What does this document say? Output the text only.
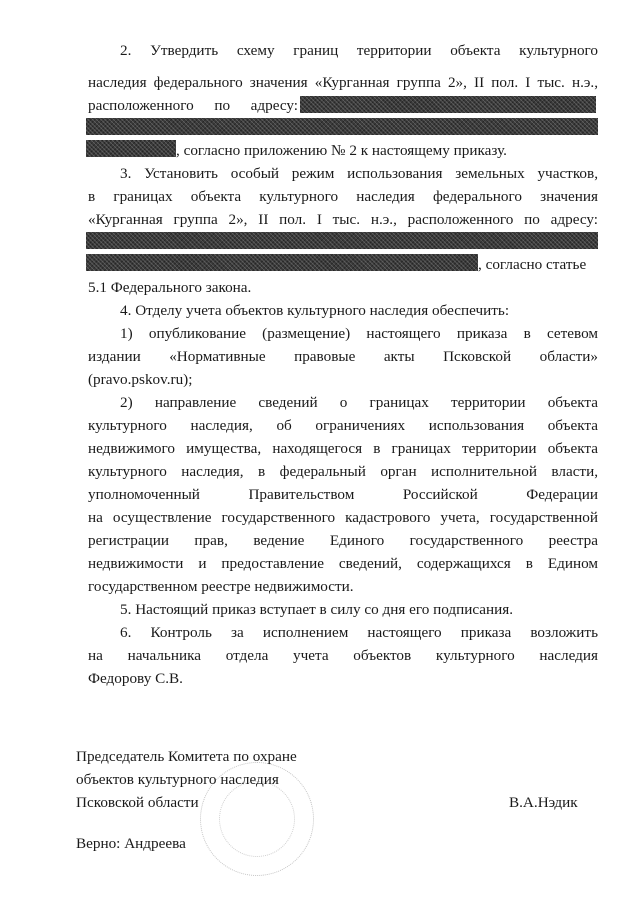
2. Утвердить схему границ территории объекта культурного
наследия федерального значения «Курганная группа 2», II пол. I тыс. н.э.,
расположенного по адресу:
, согласно приложению № 2 к настоящему приказу.
3. Установить особый режим использования земельных участков,
в границах объекта культурного наследия федерального значения
«Курганная группа 2», II пол. I тыс. н.э., расположенного по адресу:
, согласно статье
5.1 Федерального закона.
4. Отделу учета объектов культурного наследия обеспечить:
1) опубликование (размещение) настоящего приказа в сетевом
издании «Нормативные правовые акты Псковской области»
(pravo.pskov.ru);
2) направление сведений о границах территории объекта
культурного наследия, об ограничениях использования объекта
недвижимого имущества, находящегося в границах территории объекта
культурного наследия, в федеральный орган исполнительной власти,
уполномоченный Правительством Российской Федерации
на осуществление государственного кадастрового учета, государственной
регистрации прав, ведение Единого государственного реестра
недвижимости и предоставление сведений, содержащихся в Едином
государственном реестре недвижимости.
5. Настоящий приказ вступает в силу со дня его подписания.
6. Контроль за исполнением настоящего приказа возложить
на начальника отдела учета объектов культурного наследия
Федорову С.В.
Председатель Комитета по охране
объектов культурного наследия
Псковской области	В.А.Нэдик
Верно: Андреева
